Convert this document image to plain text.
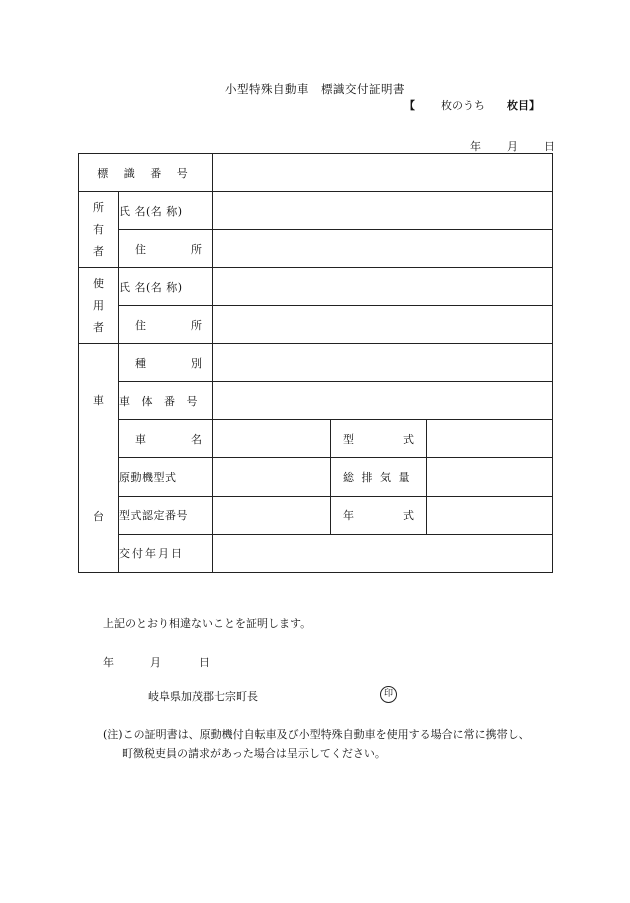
小型特殊自動車　標識交付証明書
【 枚のうち 枚目】
年 月 日
標 識 番 号				

所
有
者	氏 名(名 称)			

	住 所			

使
用
者	氏 名(名 称)			

	住 所			

車
台	種 別			

	車 体 番 号			

	車 名		型 式	

	原動機型式		総 排 気 量	
	型式認定番号		年 式	

	交付年月日			
上記のとおり相違ないことを証明します。
年	月	日
岐阜県加茂郡七宗町長	印
(注)この証明書は、原動機付自転車及び小型特殊自動車を使用する場合に常に携帯し、
町徴税吏員の請求があった場合は呈示してください。
